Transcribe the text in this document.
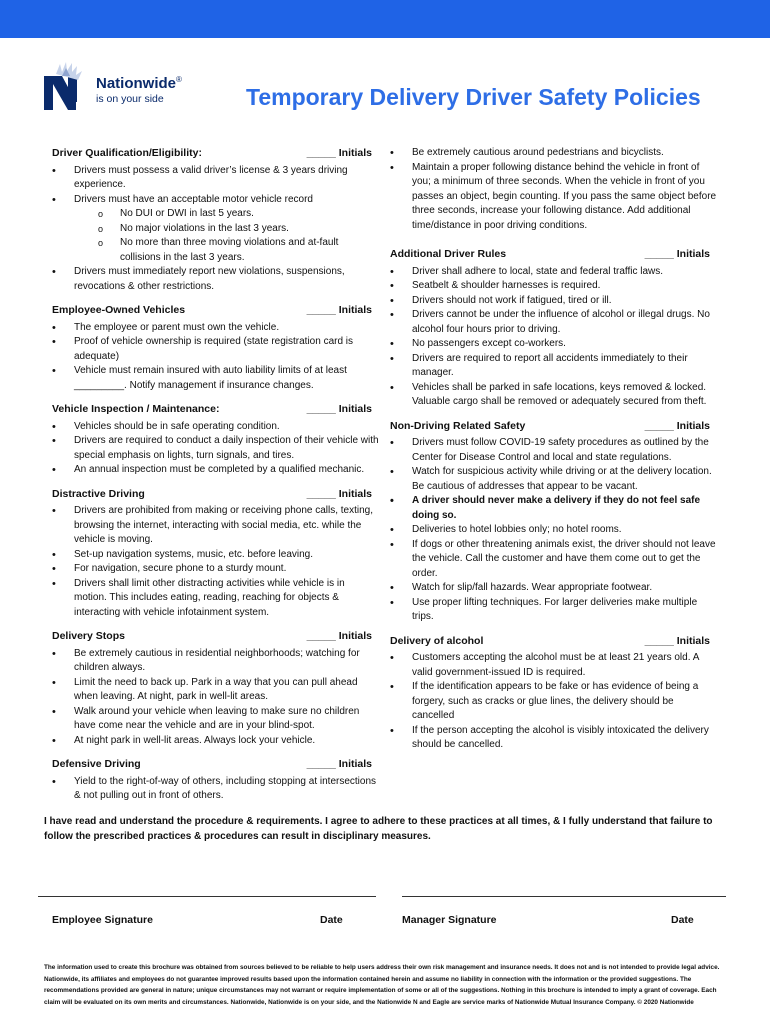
Nationwide®
is on your side	Temporary Delivery Driver Safety Policies
Driver Qualification/Eligibility:	_____ Initials
• Drivers must possess a valid driver’s license & 3 years driving experience.
• Drivers must have an acceptable motor vehicle record
o No DUI or DWI in last 5 years.
o No major violations in the last 3 years.
o No more than three moving violations and at-fault collisions in the last 3 years.
• Drivers must immediately report new violations, suspensions, revocations & other restrictions.
Employee-Owned Vehicles	_____ Initials
• The employee or parent must own the vehicle.
• Proof of vehicle ownership is required (state registration card is adequate)
• Vehicle must remain insured with auto liability limits of at least _________. Notify management if insurance changes.
Vehicle Inspection / Maintenance:	_____ Initials
• Vehicles should be in safe operating condition.
• Drivers are required to conduct a daily inspection of their vehicle with special emphasis on lights, turn signals, and tires.
• An annual inspection must be completed by a qualified mechanic.
Distractive Driving	_____ Initials
• Drivers are prohibited from making or receiving phone calls, texting, browsing the internet, interacting with social media, etc. while the vehicle is moving.
• Set-up navigation systems, music, etc. before leaving.
• For navigation, secure phone to a sturdy mount.
• Drivers shall limit other distracting activities while vehicle is in motion. This includes eating, reading, reaching for objects & interacting with vehicle infotainment system.
Delivery Stops	_____ Initials
• Be extremely cautious in residential neighborhoods; watching for children always.
• Limit the need to back up. Park in a way that you can pull ahead when leaving. At night, park in well-lit areas.
• Walk around your vehicle when leaving to make sure no children have come near the vehicle and are in your blind-spot.
• At night park in well-lit areas. Always lock your vehicle.
Defensive Driving	_____ Initials
• Yield to the right-of-way of others, including stopping at intersections & not pulling out in front of others.
• Be extremely cautious around pedestrians and bicyclists.
• Maintain a proper following distance behind the vehicle in front of you; a minimum of three seconds. When the vehicle in front of you passes an object, begin counting. If you pass the same object before three seconds, increase your following distance. Add additional time/distance in poor driving conditions.
Additional Driver Rules	_____ Initials
• Driver shall adhere to local, state and federal traffic laws.
• Seatbelt & shoulder harnesses is required.
• Drivers should not work if fatigued, tired or ill.
• Drivers cannot be under the influence of alcohol or illegal drugs. No alcohol four hours prior to driving.
• No passengers except co-workers.
• Drivers are required to report all accidents immediately to their manager.
• Vehicles shall be parked in safe locations, keys removed & locked. Valuable cargo shall be removed or adequately secured from theft.
Non-Driving Related Safety	_____ Initials
• Drivers must follow COVID-19 safety procedures as outlined by the Center for Disease Control and local and state regulations.
• Watch for suspicious activity while driving or at the delivery location. Be cautious of addresses that appear to be vacant.
• A driver should never make a delivery if they do not feel safe doing so.
• Deliveries to hotel lobbies only; no hotel rooms.
• If dogs or other threatening animals exist, the driver should not leave the vehicle. Call the customer and have them come out to get the order.
• Watch for slip/fall hazards. Wear appropriate footwear.
• Use proper lifting techniques. For larger deliveries make multiple trips.
Delivery of alcohol	_____ Initials
• Customers accepting the alcohol must be at least 21 years old. A valid government-issued ID is required.
• If the identification appears to be fake or has evidence of being a forgery, such as cracks or glue lines, the delivery should be cancelled
• If the person accepting the alcohol is visibly intoxicated the delivery should be cancelled.
I have read and understand the procedure & requirements. I agree to adhere to these practices at all times, & I fully understand that failure to follow the prescribed practices & procedures can result in disciplinary measures.
Employee Signature	Date	Manager Signature	Date
The information used to create this brochure was obtained from sources believed to be reliable to help users address their own risk management and insurance needs. It does not and is not intended to provide legal advice. Nationwide, its affiliates and employees do not guarantee improved results based upon the information contained herein and assume no liability in connection with the information or the provided suggestions. The recommendations provided are general in nature; unique circumstances may not warrant or require implementation of some or all of the suggestions. Nothing in this brochure is intended to imply a grant of coverage. Each claim will be evaluated on its own merits and circumstances. Nationwide, Nationwide is on your side, and the Nationwide N and Eagle are service marks of Nationwide Mutual Insurance Company. © 2020 Nationwide
